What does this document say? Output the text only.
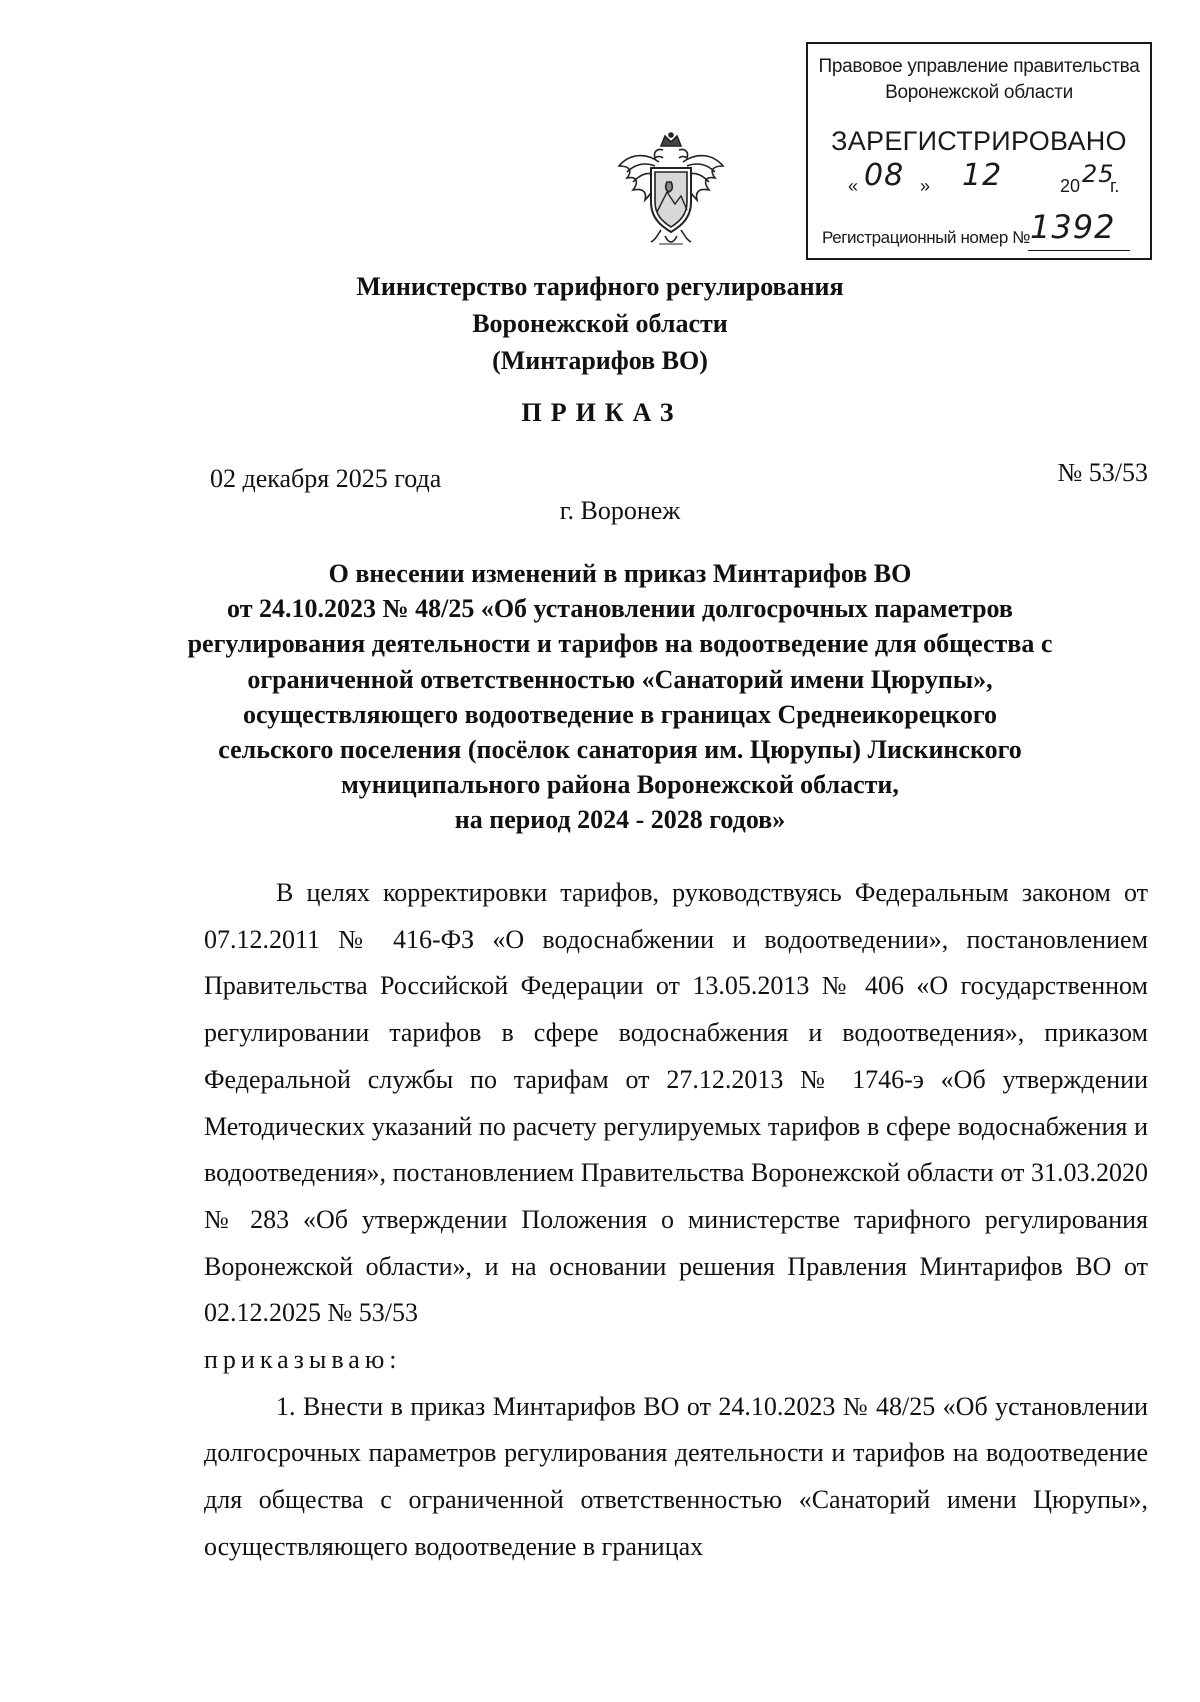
Правовое управление правительства
Воронежской области
ЗАРЕГИСТРИРОВАНО
« 08 » 12	20 25
г.
Регистрационный номер № 1392
Министерство тарифного регулирования
Воронежской области
(Минтарифов ВО)
ПРИКАЗ
02 декабря 2025 года	№ 53/53
г. Воронеж
О внесении изменений в приказ Минтарифов ВО
от 24.10.2023 № 48/25 «Об установлении долгосрочных параметров
регулирования деятельности и тарифов на водоотведение для общества с
ограниченной ответственностью «Санаторий имени Цюрупы»,
осуществляющего водоотведение в границах Среднеикорецкого
сельского поселения (посёлок санатория им. Цюрупы) Лискинского
муниципального района Воронежской области,
на период 2024 - 2028 годов»

В целях корректировки тарифов, руководствуясь Федеральным законом от 07.12.2011 № 416-ФЗ «О водоснабжении и водоотведении», постановлением Правительства Российской Федерации от 13.05.2013 № 406 «О государственном регулировании тарифов в сфере водоснабжения и водоотведения», приказом Федеральной службы по тарифам от 27.12.2013 № 1746-э «Об утверждении Методических указаний по расчету регулируемых тарифов в сфере водоснабжения и водоотведения», постановлением Правительства Воронежской области от 31.03.2020 № 283 «Об утверждении Положения о министерстве тарифного регулирования Воронежской области», и на основании решения Правления Минтарифов ВО от 02.12.2025 № 53/53

приказываю:

1. Внести в приказ Минтарифов ВО от 24.10.2023 № 48/25 «Об установлении долгосрочных параметров регулирования деятельности и тарифов на водоотведение для общества с ограниченной ответственностью «Санаторий имени Цюрупы», осуществляющего водоотведение в границах
